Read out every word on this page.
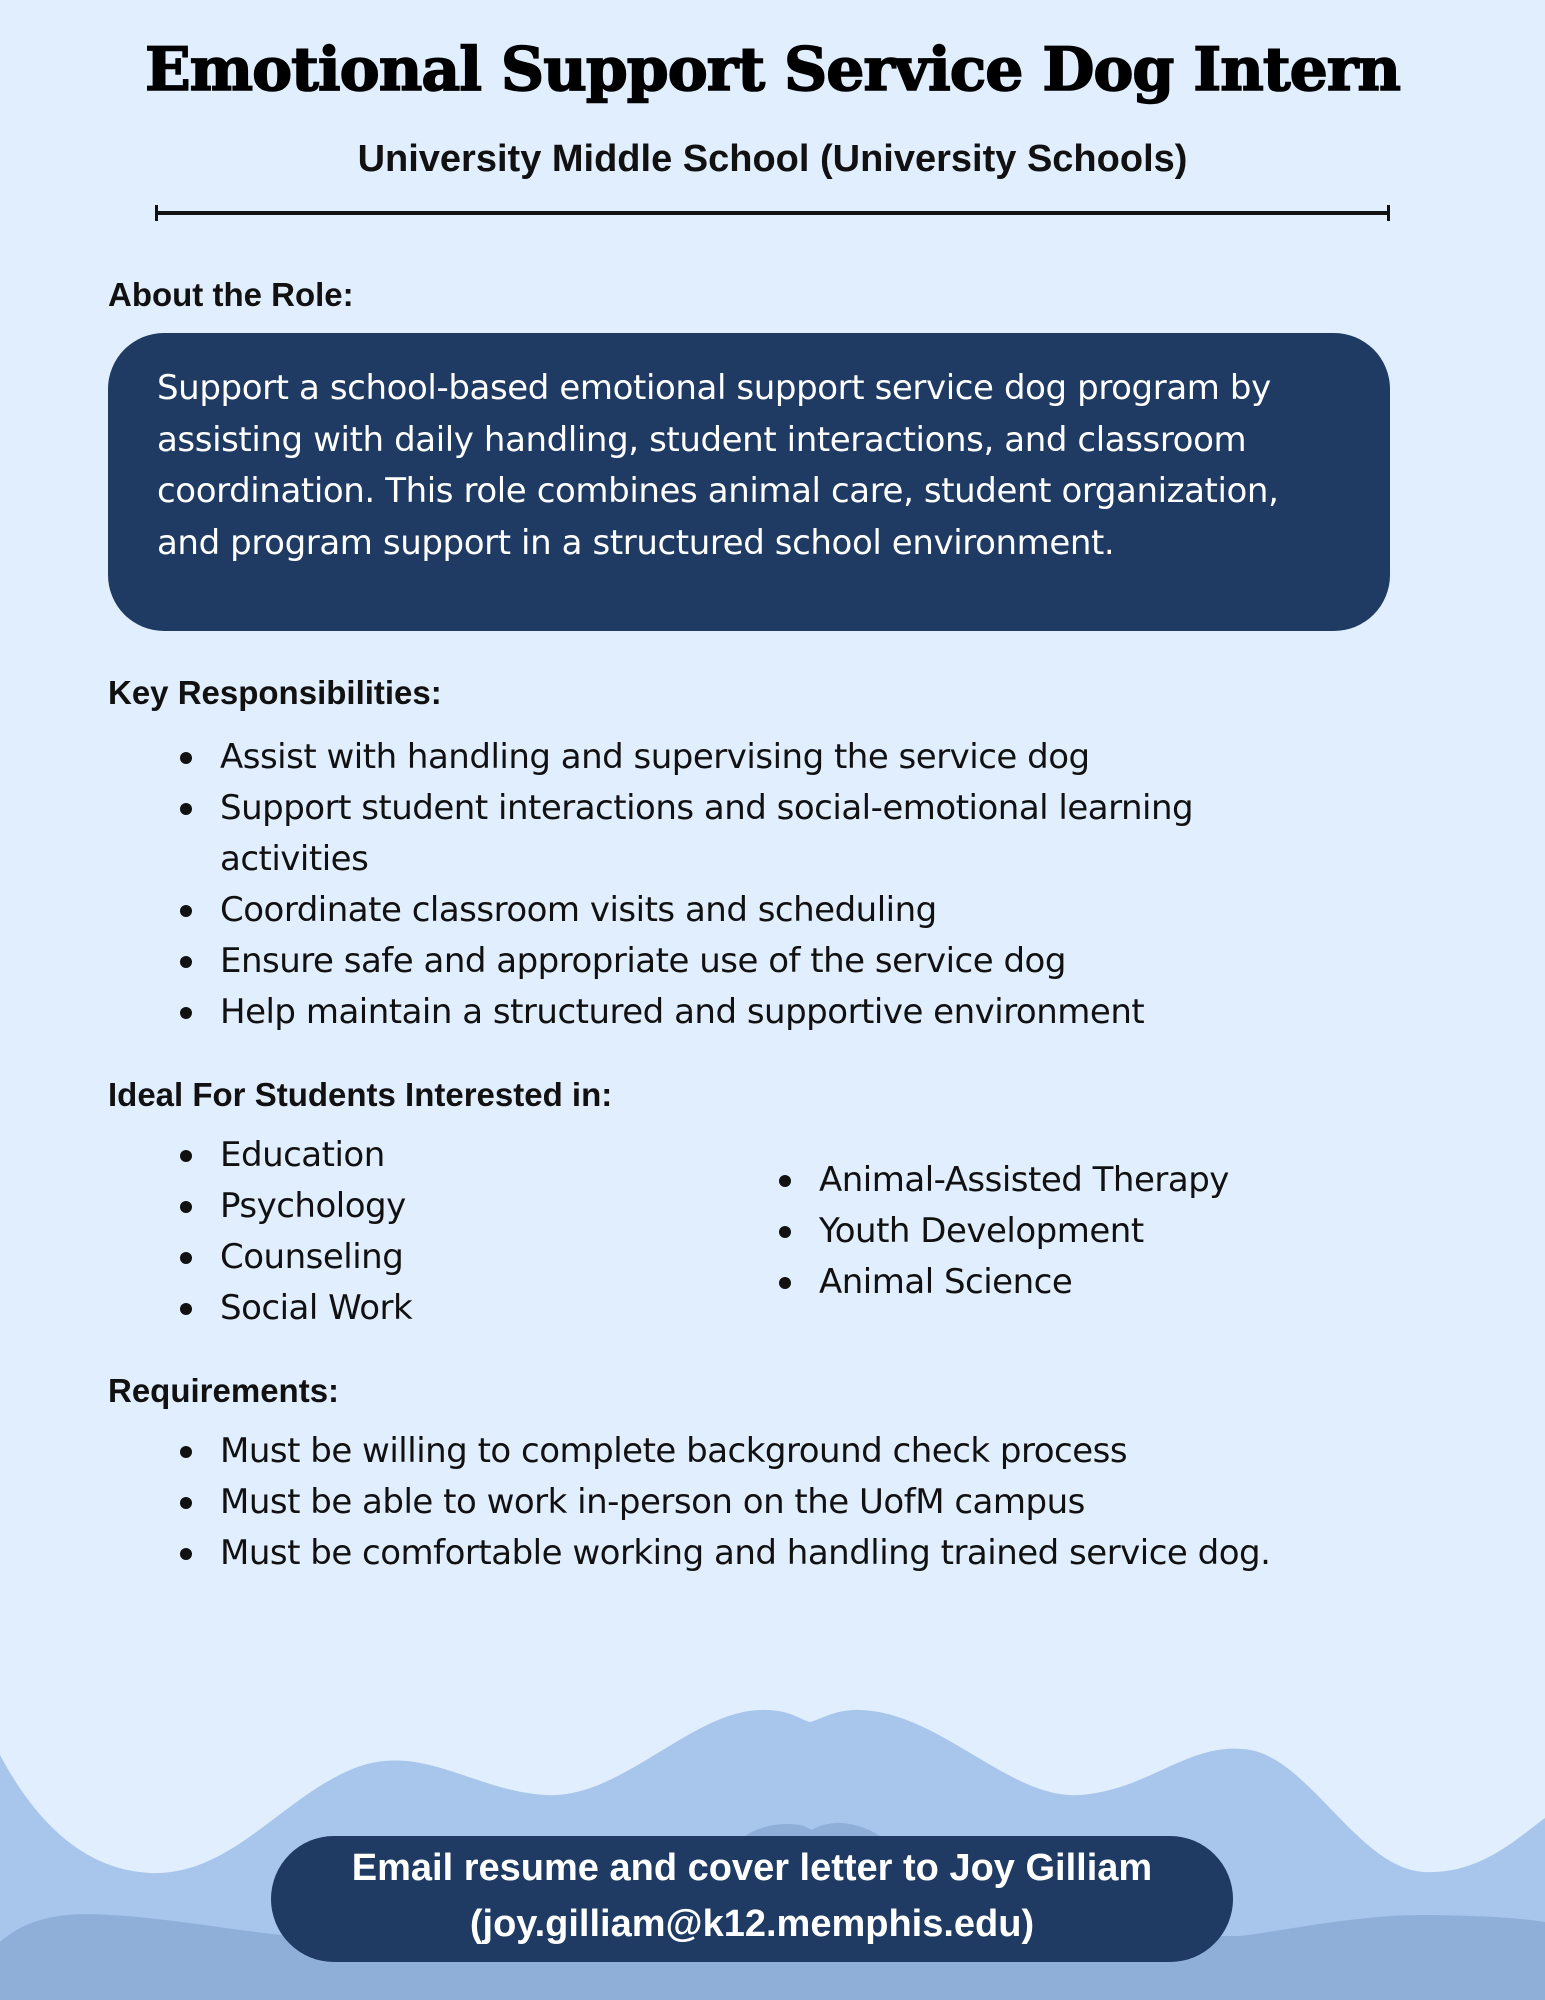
Emotional Support Service Dog Intern
University Middle School (University Schools)
About the Role:

Support a school-based emotional support service dog program by assisting with daily handling, student interactions, and classroom coordination. This role combines animal care, student organization, and program support in a structured school environment.

Key Responsibilities:
Assist with handling and supervising the service dog
Support student interactions and social-emotional learning activities
Coordinate classroom visits and scheduling
Ensure safe and appropriate use of the service dog
Help maintain a structured and supportive environment
Ideal For Students Interested in:
Education
Psychology
Counseling
Social Work
Animal-Assisted Therapy
Youth Development
Animal Science
Requirements:
Must be willing to complete background check process
Must be able to work in-person on the UofM campus
Must be comfortable working and handling trained service dog.
Email resume and cover letter to Joy Gilliam
(joy.gilliam@k12.memphis.edu)
